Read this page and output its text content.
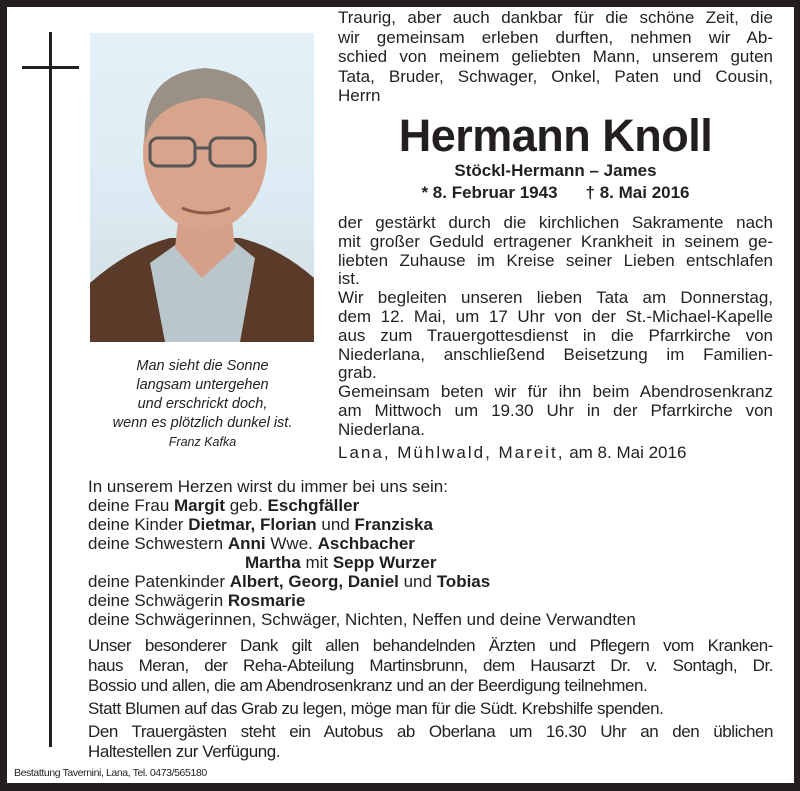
Man sieht die Sonne
langsam untergehen
und erschrickt doch,
wenn es plötzlich dunkel ist.
Franz Kafka
Traurig, aber auch dankbar für die schöne Zeit, die
wir gemeinsam erleben durften, nehmen wir Ab-
schied von meinem geliebten Mann, unserem guten
Tata, Bruder, Schwager, Onkel, Paten und Cousin,
Herrn
Hermann Knoll
Stöckl-Hermann – James
* 8. Februar 1943 † 8. Mai 2016
der gestärkt durch die kirchlichen Sakramente nach
mit großer Geduld ertragener Krankheit in seinem ge-
liebten Zuhause im Kreise seiner Lieben entschlafen
ist.
Wir begleiten unseren lieben Tata am Donnerstag,
dem 12. Mai, um 17 Uhr von der St.-Michael-Kapelle
aus zum Trauergottesdienst in die Pfarrkirche von
Niederlana, anschließend Beisetzung im Familien-
grab.
Gemeinsam beten wir für ihn beim Abendrosenkranz
am Mittwoch um 19.30 Uhr in der Pfarrkirche von
Niederlana.
Lana, Mühlwald, Mareit, am 8. Mai 2016
In unserem Herzen wirst du immer bei uns sein:
deine Frau Margit geb. Eschgfäller
deine Kinder Dietmar, Florian und Franziska
deine Schwestern Anni Wwe. Aschbacher
Martha mit Sepp Wurzer
deine Patenkinder Albert, Georg, Daniel und Tobias
deine Schwägerin Rosmarie
deine Schwägerinnen, Schwäger, Nichten, Neffen und deine Verwandten
Unser besonderer Dank gilt allen behandelnden Ärzten und Pflegern vom Kranken-
haus Meran, der Reha-Abteilung Martinsbrunn, dem Hausarzt Dr. v. Sontagh, Dr.
Bossio und allen, die am Abendrosenkranz und an der Beerdigung teilnehmen.
Statt Blumen auf das Grab zu legen, möge man für die Südt. Krebshilfe spenden.
Den Trauergästen steht ein Autobus ab Oberlana um 16.30 Uhr an den üblichen
Haltestellen zur Verfügung.
Bestattung Tavernini, Lana, Tel. 0473/565180
